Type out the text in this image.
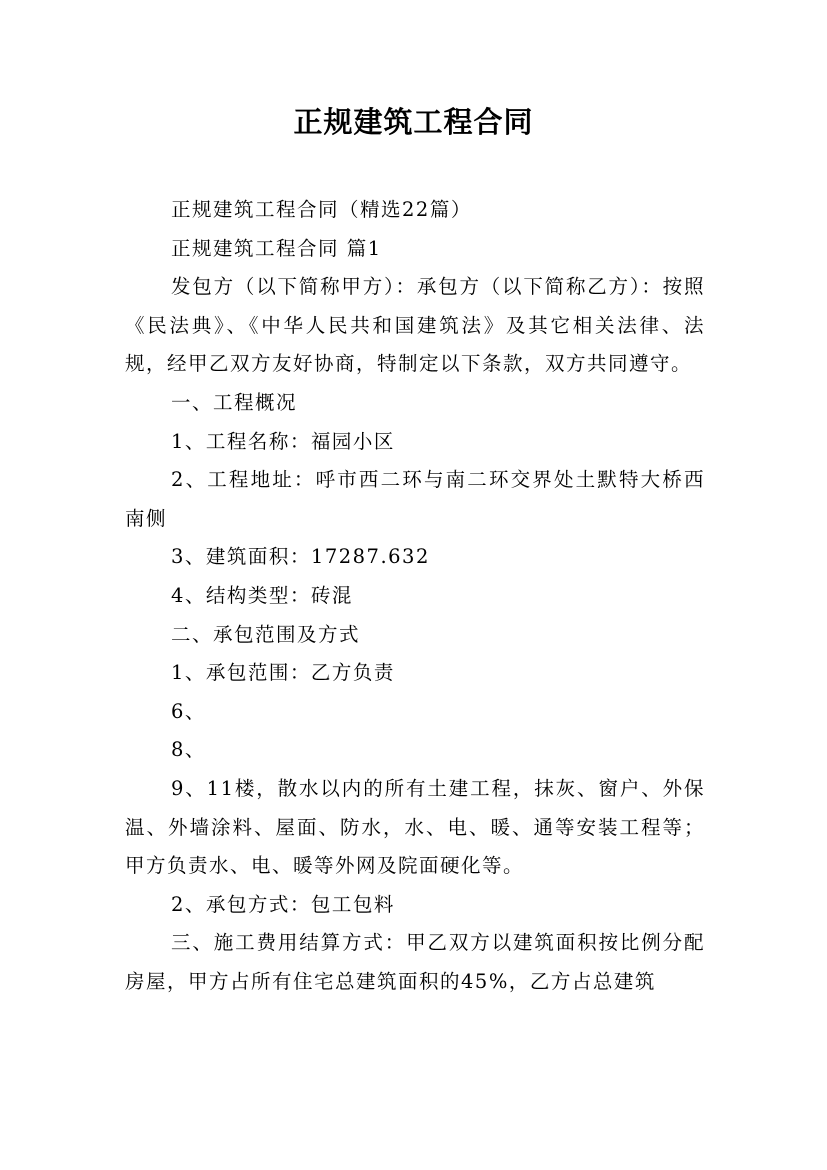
正规建筑工程合同

正规建筑工程合同（精选22篇）

正规建筑工程合同 篇1

发包方（以下简称甲方）：承包方（以下简称乙方）：按照《民法典》、《中华人民共和国建筑法》及其它相关法律、法规，经甲乙双方友好协商，特制定以下条款，双方共同遵守。

一、工程概况

1、工程名称：福园小区

2、工程地址：呼市西二环与南二环交界处土默特大桥西南侧

3、建筑面积：17287.632

4、结构类型：砖混

二、承包范围及方式

1、承包范围：乙方负责

6、

8、

9、11楼，散水以内的所有土建工程，抹灰、窗户、外保温、外墙涂料、屋面、防水，水、电、暖、通等安装工程等；甲方负责水、电、暖等外网及院面硬化等。

2、承包方式：包工包料

三、施工费用结算方式：甲乙双方以建筑面积按比例分配房屋，甲方占所有住宅总建筑面积的45%，乙方占总建筑
